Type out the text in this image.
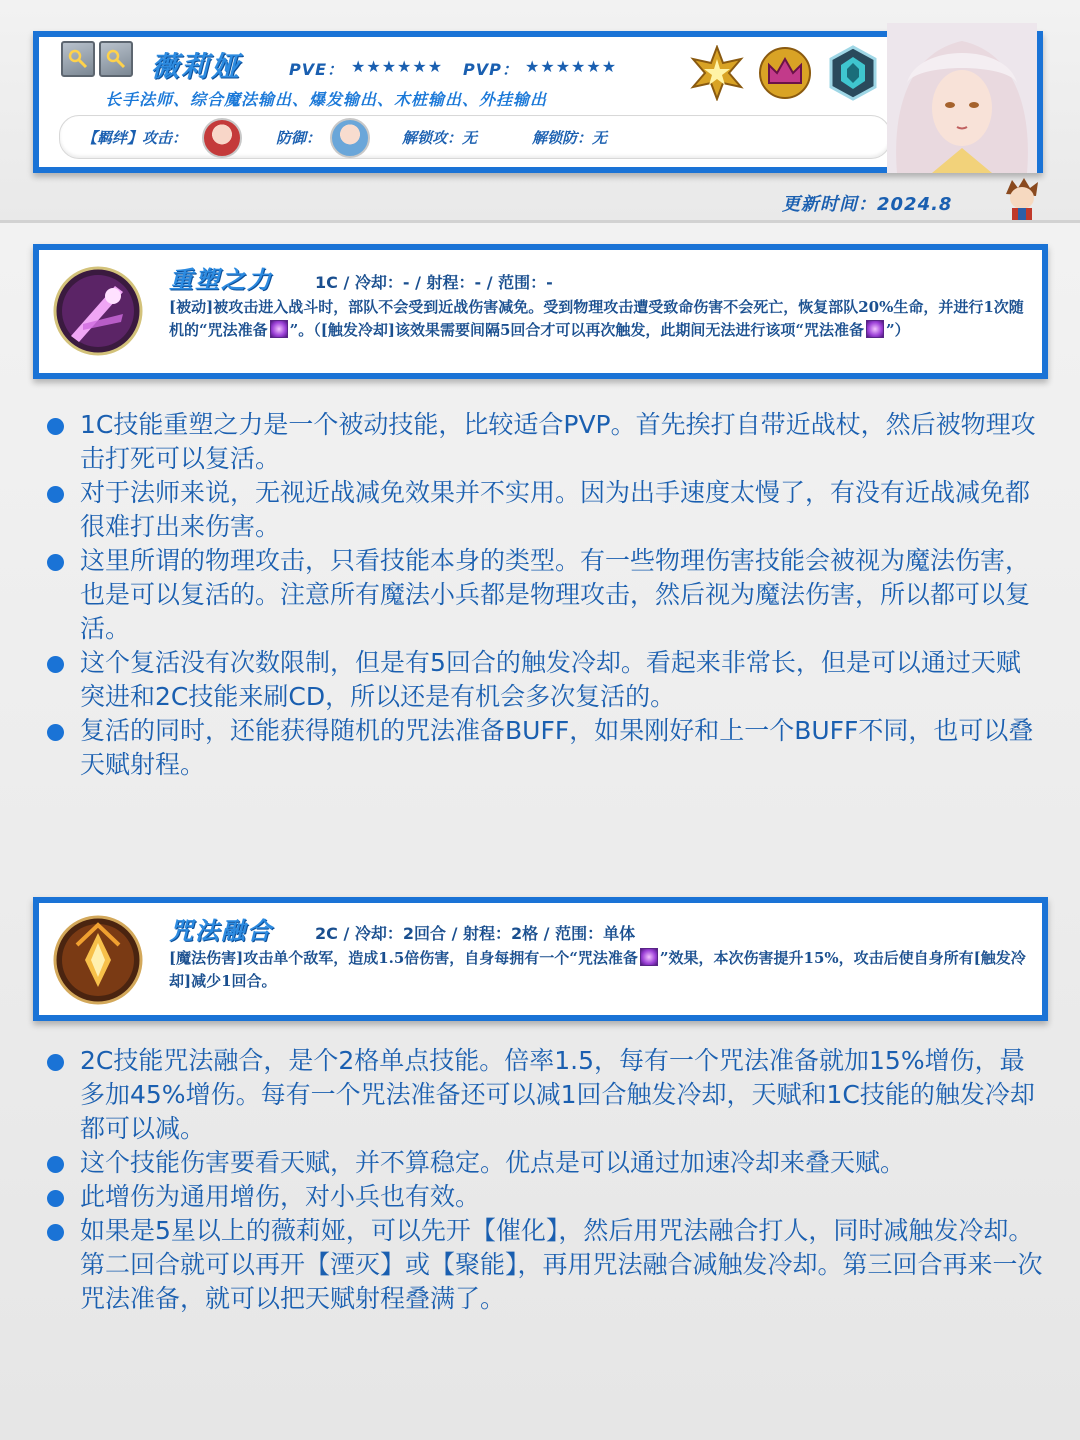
薇莉娅	PVE： ★★★★★★ PVP： ★★★★★★
长手法师、综合魔法输出、爆发输出、木桩输出、外挂输出
【羁绊】攻击：	防御：	解锁攻：无	解锁防：无
更新时间：2024.8
重塑之力	1C / 冷却：- / 射程：- / 范围：-
[被动]被攻击进入战斗时，部队不会受到近战伤害减免。受到物理攻击遭受致命伤害不会死亡，恢复部队20%生命，并进行1次随机的“咒法准备 ”。（[触发冷却]该效果需要间隔5回合才可以再次触发，此期间无法进行该项“咒法准备 ”）
1C技能重塑之力是一个被动技能，比较适合PVP。首先挨打自带近战杖，然后被物理攻击打死可以复活。
对于法师来说，无视近战减免效果并不实用。因为出手速度太慢了，有没有近战减免都很难打出来伤害。
这里所谓的物理攻击，只看技能本身的类型。有一些物理伤害技能会被视为魔法伤害，也是可以复活的。注意所有魔法小兵都是物理攻击，然后视为魔法伤害，所以都可以复活。
这个复活没有次数限制，但是有5回合的触发冷却。看起来非常长，但是可以通过天赋突进和2C技能来刷CD，所以还是有机会多次复活的。
复活的同时，还能获得随机的咒法准备BUFF，如果刚好和上一个BUFF不同，也可以叠天赋射程。
咒法融合	2C / 冷却：2回合 / 射程：2格 / 范围：单体
[魔法伤害]攻击单个敌军，造成1.5倍伤害，自身每拥有一个“咒法准备 ”效果，本次伤害提升15%，攻击后使自身所有[触发冷却]减少1回合。
2C技能咒法融合，是个2格单点技能。倍率1.5，每有一个咒法准备就加15%增伤，最多加45%增伤。每有一个咒法准备还可以减1回合触发冷却，天赋和1C技能的触发冷却都可以减。
这个技能伤害要看天赋，并不算稳定。优点是可以通过加速冷却来叠天赋。
此增伤为通用增伤，对小兵也有效。
如果是5星以上的薇莉娅，可以先开【催化】，然后用咒法融合打人，同时减触发冷却。第二回合就可以再开【湮灭】或【聚能】，再用咒法融合减触发冷却。第三回合再来一次咒法准备，就可以把天赋射程叠满了。
